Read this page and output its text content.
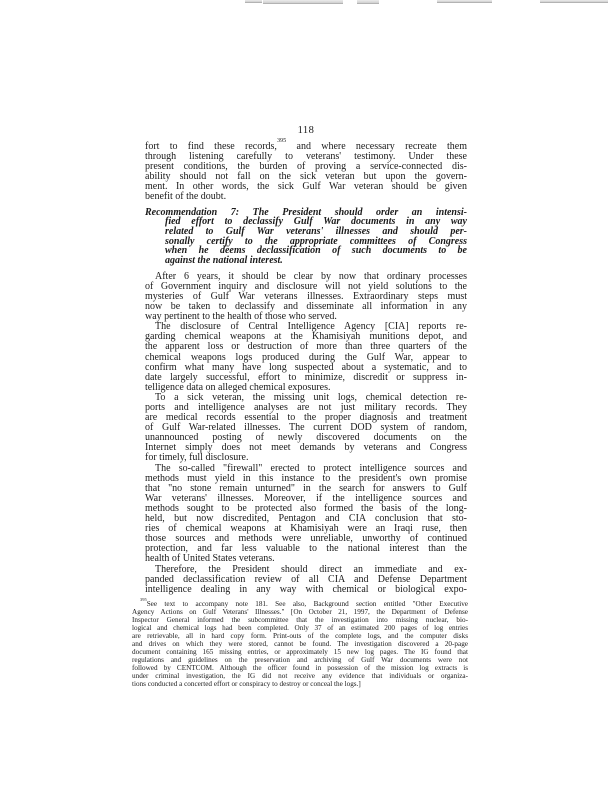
118
fort to find these records,$^{395}$ and where necessary recreate them
through listening carefully to veterans' testimony. Under these
present conditions, the burden of proving a service-connected dis-
ability should not fall on the sick veteran but upon the govern-
ment. In other words, the sick Gulf War veteran should be given
benefit of the doubt.
Recommendation 7: The President should order an intensi-
fied effort to declassify Gulf War documents in any way
related to Gulf War veterans' illnesses and should per-
sonally certify to the appropriate committees of Congress
when he deems declassification of such documents to be
against the national interest.
After 6 years, it should be clear by now that ordinary processes
of Government inquiry and disclosure will not yield solutions to the
mysteries of Gulf War veterans illnesses. Extraordinary steps must
now be taken to declassify and disseminate all information in any
way pertinent to the health of those who served.
The disclosure of Central Intelligence Agency [CIA] reports re-
garding chemical weapons at the Khamisiyah munitions depot, and
the apparent loss or destruction of more than three quarters of the
chemical weapons logs produced during the Gulf War, appear to
confirm what many have long suspected about a systematic, and to
date largely successful, effort to minimize, discredit or suppress in-
telligence data on alleged chemical exposures.
To a sick veteran, the missing unit logs, chemical detection re-
ports and intelligence analyses are not just military records. They
are medical records essential to the proper diagnosis and treatment
of Gulf War-related illnesses. The current DOD system of random,
unannounced posting of newly discovered documents on the
Internet simply does not meet demands by veterans and Congress
for timely, full disclosure.
The so-called "firewall" erected to protect intelligence sources and
methods must yield in this instance to the president's own promise
that "no stone remain unturned" in the search for answers to Gulf
War veterans' illnesses. Moreover, if the intelligence sources and
methods sought to be protected also formed the basis of the long-
held, but now discredited, Pentagon and CIA conclusion that sto-
ries of chemical weapons at Khamisiyah were an Iraqi ruse, then
those sources and methods were unreliable, unworthy of continued
protection, and far less valuable to the national interest than the
health of United States veterans.
Therefore, the President should direct an immediate and ex-
panded declassification review of all CIA and Defense Department
intelligence dealing in any way with chemical or biological expo-
$^{395}$See text to accompany note 181. See also, Background section entitled "Other Executive
Agency Actions on Gulf Veterans' Illnesses." [On October 21, 1997, the Department of Defense
Inspector General informed the subcommittee that the investigation into missing nuclear, bio-
logical and chemical logs had been completed. Only 37 of an estimated 200 pages of log entries
are retrievable, all in hard copy form. Print-outs of the complete logs, and the computer disks
and drives on which they were stored, cannot be found. The investigation discovered a 20-page
document containing 165 missing entries, or approximately 15 new log pages. The IG found that
regulations and guidelines on the preservation and archiving of Gulf War documents were not
followed by CENTCOM. Although the officer found in possession of the mission log extracts is
under criminal investigation, the IG did not receive any evidence that individuals or organiza-
tions conducted a concerted effort or conspiracy to destroy or conceal the logs.]
